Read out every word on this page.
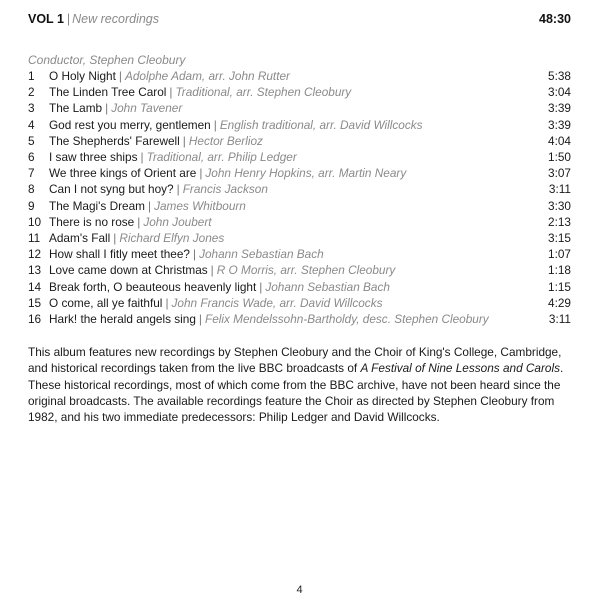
VOL 1 | New recordings	48:30
Conductor, Stephen Cleobury
1	O Holy Night | Adolphe Adam, arr. John Rutter	5:38
2	The Linden Tree Carol | Traditional, arr. Stephen Cleobury	3:04
3	The Lamb | John Tavener	3:39
4	God rest you merry, gentlemen | English traditional, arr. David Willcocks	3:39
5	The Shepherds' Farewell | Hector Berlioz	4:04
6	I saw three ships | Traditional, arr. Philip Ledger	1:50
7	We three kings of Orient are | John Henry Hopkins, arr. Martin Neary	3:07
8	Can I not syng but hoy? | Francis Jackson	3:11
9	The Magi's Dream | James Whitbourn	3:30
10 There is no rose | John Joubert	2:13
11 Adam's Fall | Richard Elfyn Jones	3:15
12 How shall I fitly meet thee? | Johann Sebastian Bach	1:07
13 Love came down at Christmas | R O Morris, arr. Stephen Cleobury	1:18
14 Break forth, O beauteous heavenly light | Johann Sebastian Bach	1:15
15 O come, all ye faithful | John Francis Wade, arr. David Willcocks	4:29
16 Hark! the herald angels sing | Felix Mendelssohn-Bartholdy, desc. Stephen Cleobury	3:11
This album features new recordings by Stephen Cleobury and the Choir of King's College, Cambridge, and historical recordings taken from the live BBC broadcasts of A Festival of Nine Lessons and Carols. These historical recordings, most of which come from the BBC archive, have not been heard since the original broadcasts. The available recordings feature the Choir as directed by Stephen Cleobury from 1982, and his two immediate predecessors: Philip Ledger and David Willcocks.
4
